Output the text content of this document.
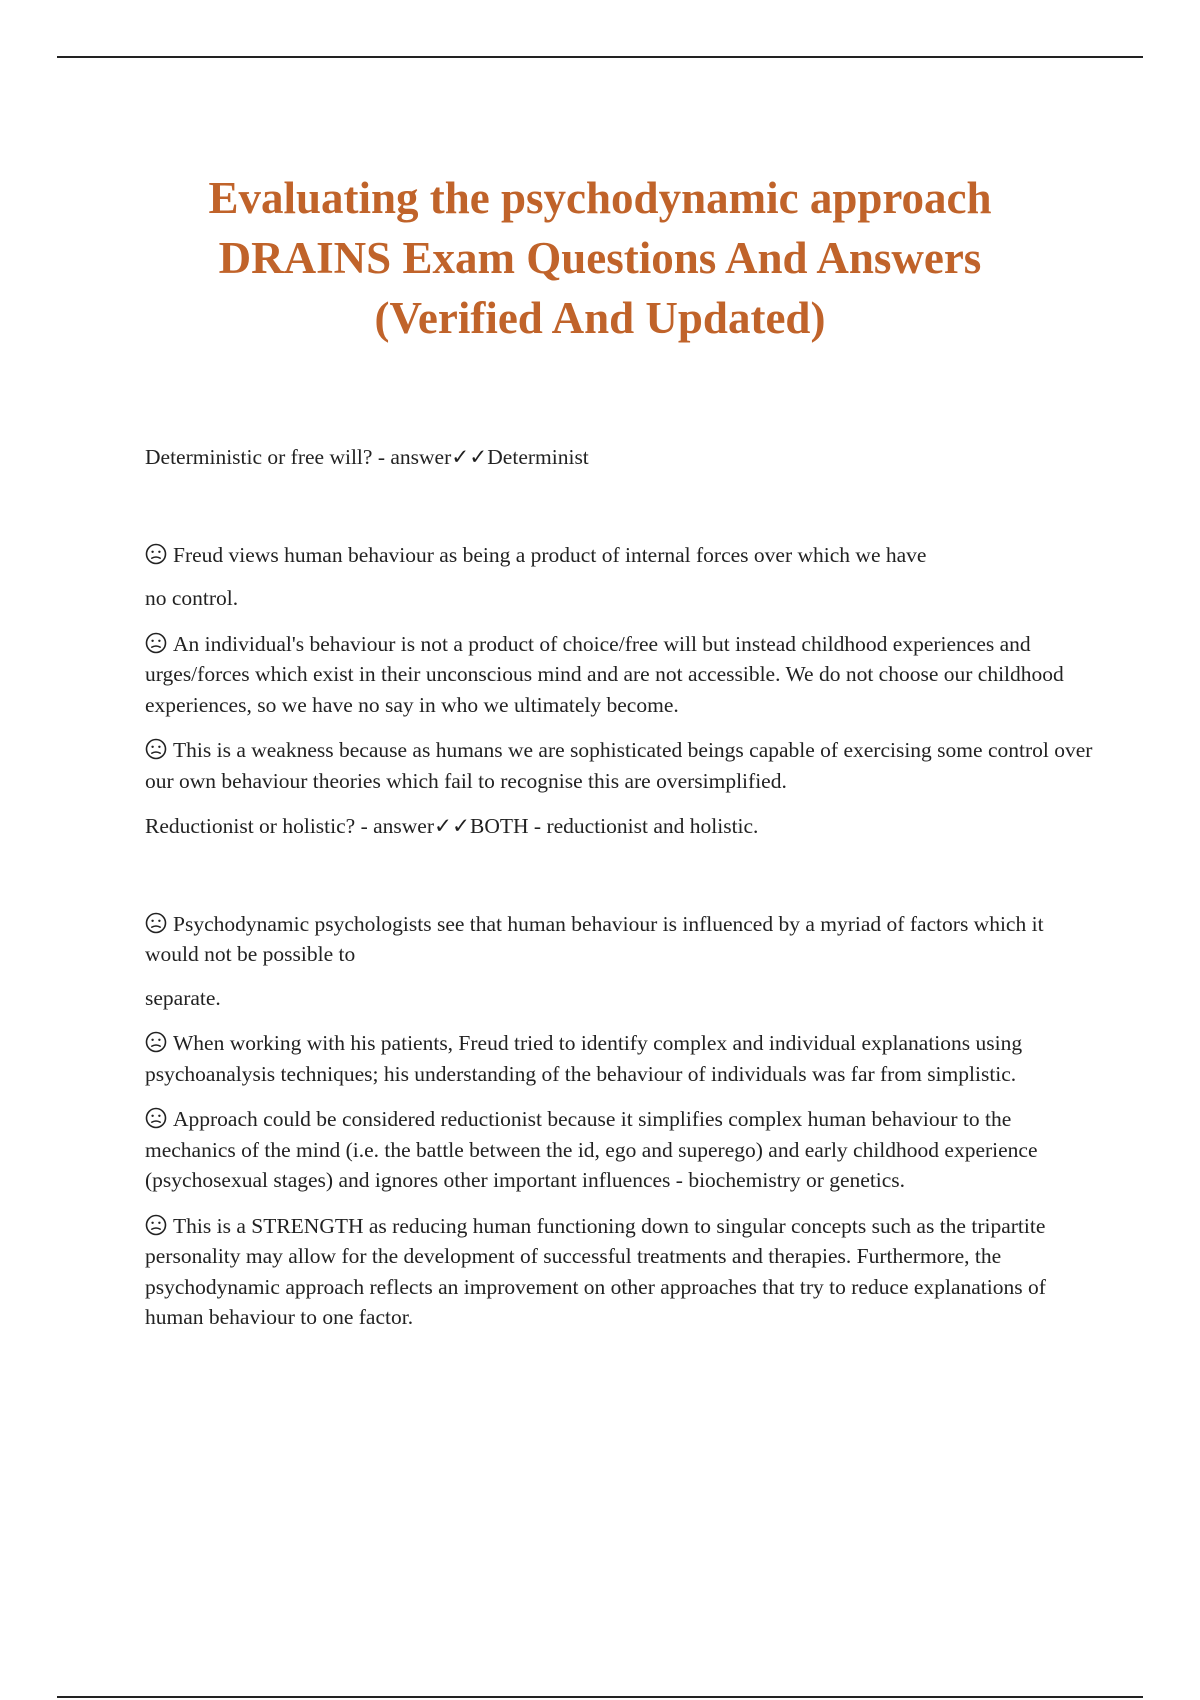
Evaluating the psychodynamic approach
DRAINS Exam Questions And Answers
(Verified And Updated)

Deterministic or free will? - answer✓✓Determinist

Freud views human behaviour as being a product of internal forces over which we have

no control.

An individual's behaviour is not a product of choice/free will but instead childhood experiences and urges/forces which exist in their unconscious mind and are not accessible. We do not choose our childhood experiences, so we have no say in who we ultimately become.

This is a weakness because as humans we are sophisticated beings capable of exercising some control over our own behaviour theories which fail to recognise this are oversimplified.

Reductionist or holistic? - answer✓✓BOTH - reductionist and holistic.

Psychodynamic psychologists see that human behaviour is influenced by a myriad of factors which it would not be possible to

separate.

When working with his patients, Freud tried to identify complex and individual explanations using psychoanalysis techniques; his understanding of the behaviour of individuals was far from simplistic.

Approach could be considered reductionist because it simplifies complex human behaviour to the mechanics of the mind (i.e. the battle between the id, ego and superego) and early childhood experience (psychosexual stages) and ignores other important influences - biochemistry or genetics.

This is a STRENGTH as reducing human functioning down to singular concepts such as the tripartite personality may allow for the development of successful treatments and therapies. Furthermore, the psychodynamic approach reflects an improvement on other approaches that try to reduce explanations of human behaviour to one factor.
